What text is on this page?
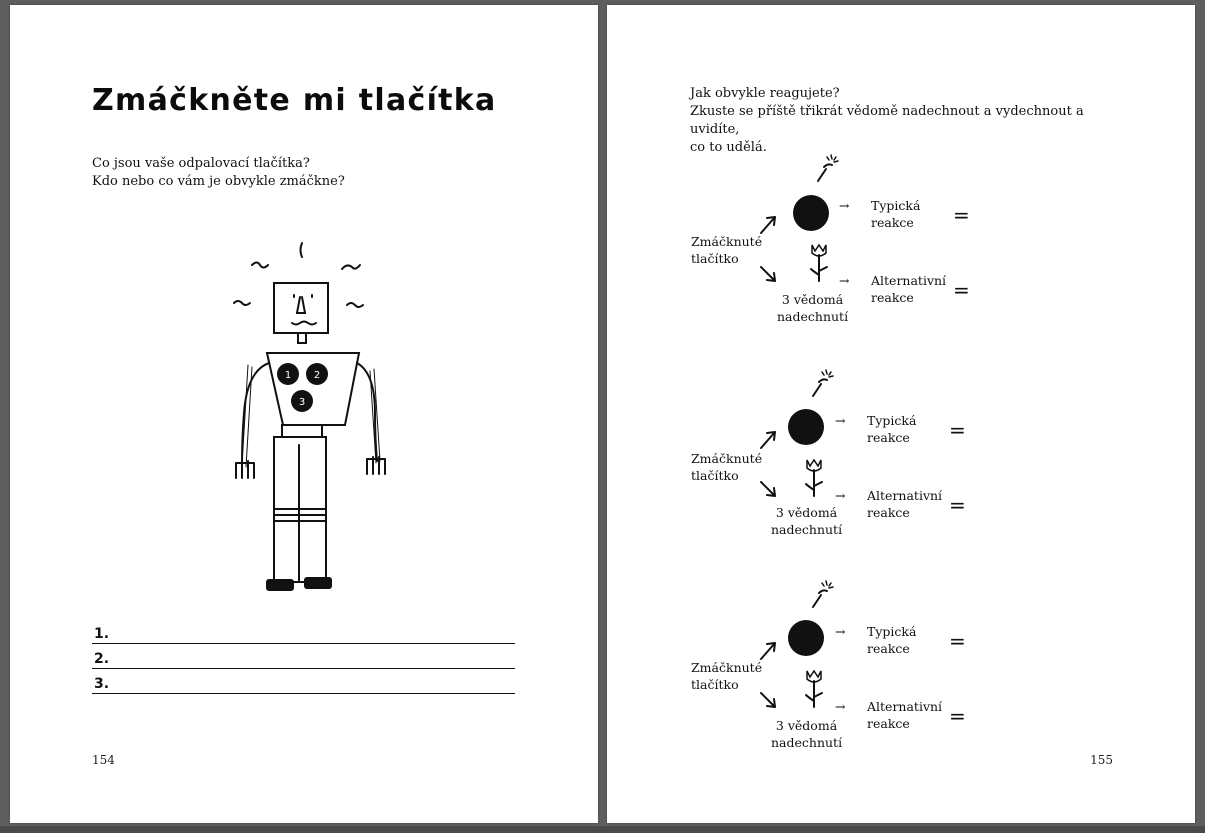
Zmáčkněte mi tlačítka
Co jsou vaše odpalovací tlačítka?
Kdo nebo co vám je obvykle zmáčkne?
1 2
3
1.
2.
3.
154
Jak obvykle reagujete?
Zkuste se příště třikrát vědomě nadechnout a vydechnout a uvidíte,
co to udělá.
Zmáčknuté
tlačítko
→ Typická
reakce	=
3 vědomá
nadechnutí
→ Alternativní
reakce	=
Zmáčknuté
tlačítko
→ Typická
reakce	=
3 vědomá
nadechnutí
→ Alternativní
reakce	=
Zmáčknuté
tlačítko
→ Typická
reakce	=
3 vědomá
nadechnutí
→ Alternativní
reakce	=
155
